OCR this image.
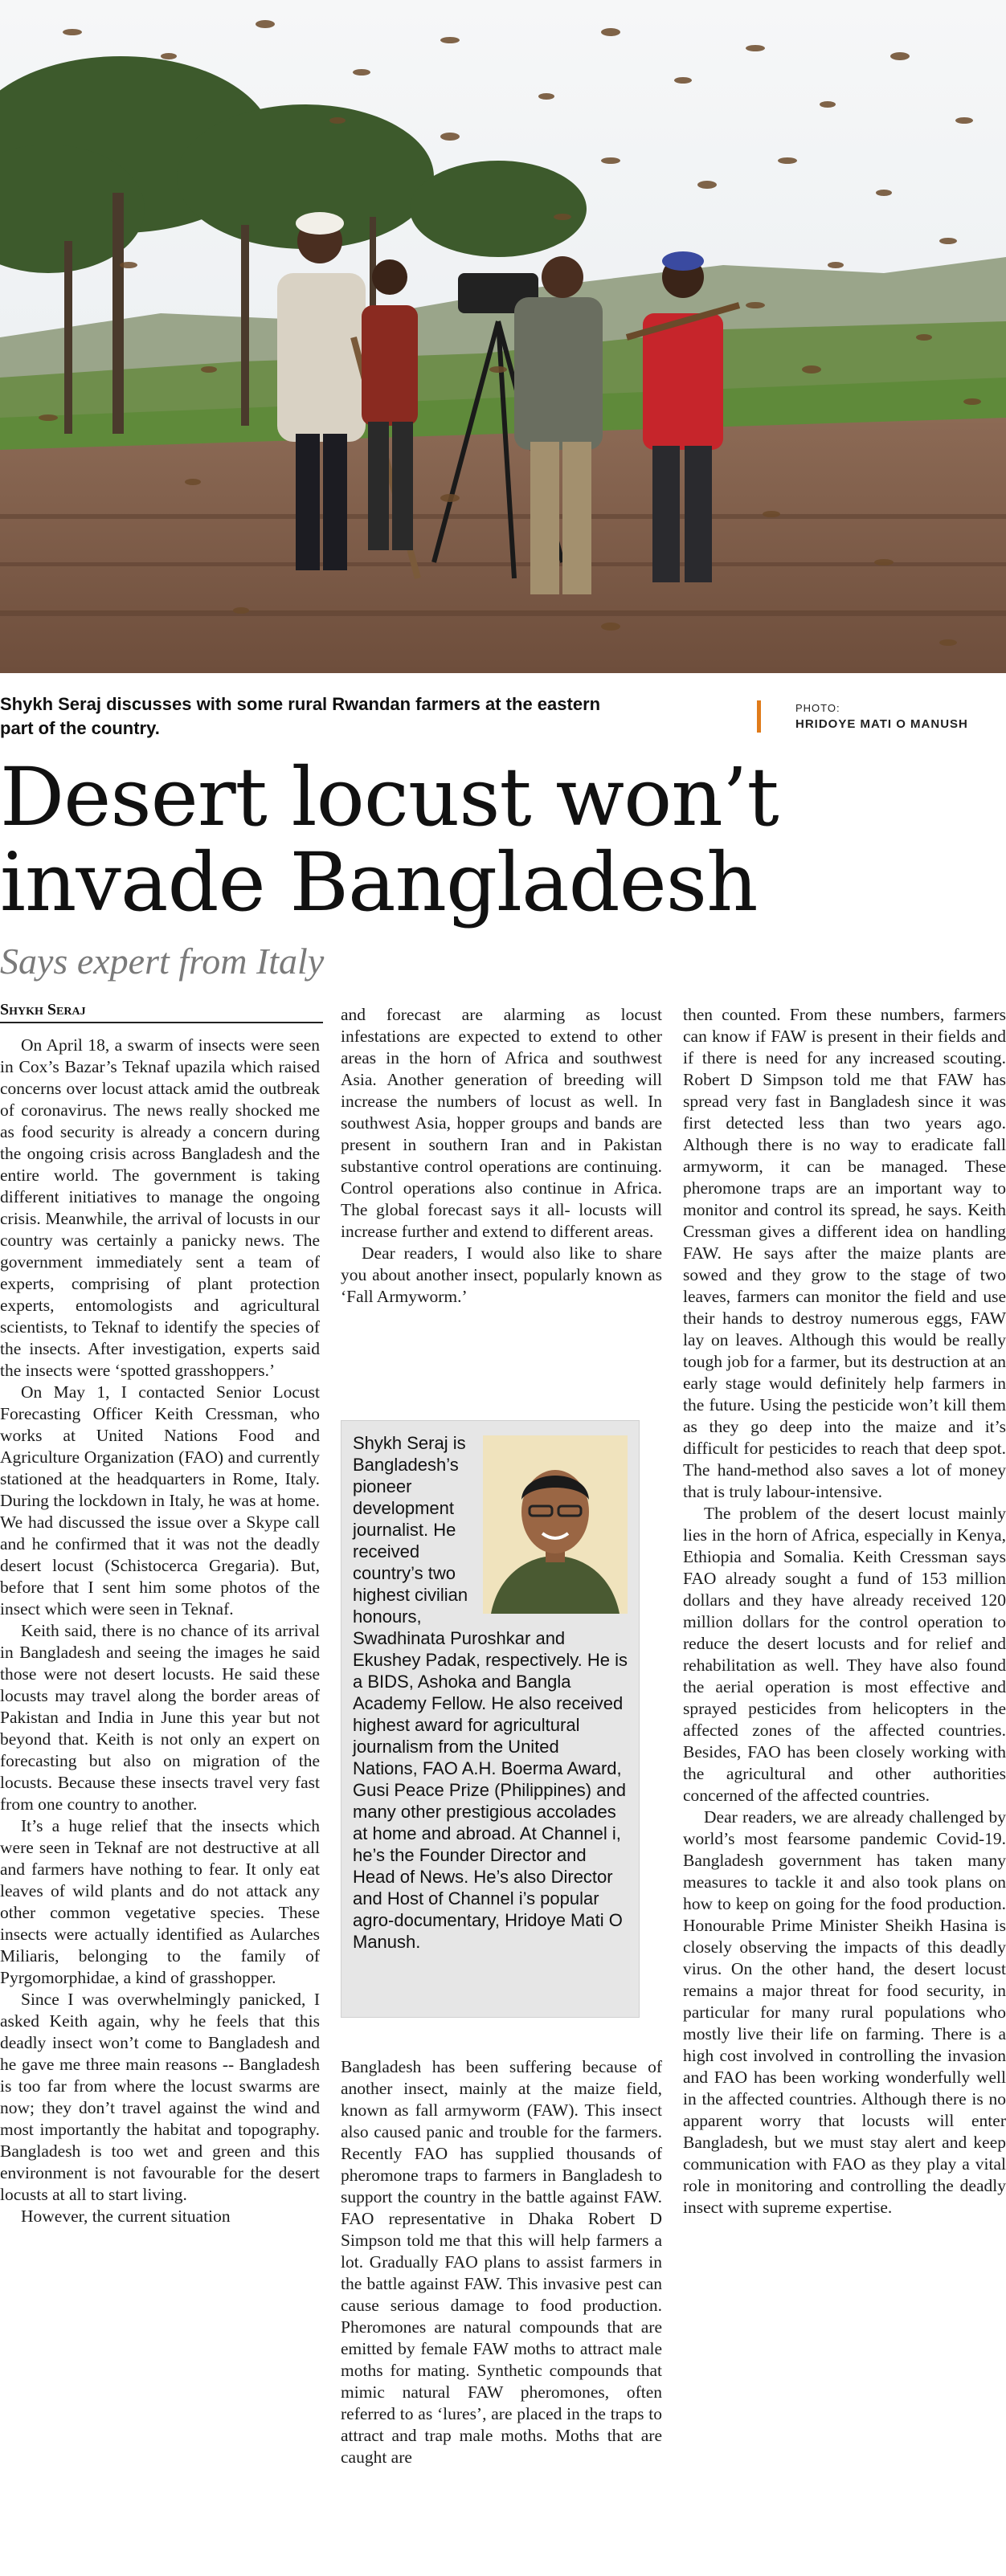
Shykh Seraj discusses with some rural Rwandan farmers at the eastern part of the country.
PHOTO:
HRIDOYE MATI O MANUSH
Desert locust won’t invade Bangladesh
Says expert from Italy
Shykh Seraj

On April 18, a swarm of insects were seen in Cox’s Bazar’s Teknaf upazila which raised concerns over locust attack amid the outbreak of coronavirus. The news really shocked me as food security is already a concern during the ongoing crisis across Bangladesh and the entire world. The government is taking different initiatives to manage the ongoing crisis. Meanwhile, the arrival of locusts in our country was certainly a panicky news. The government immediately sent a team of experts, comprising of plant protection experts, entomologists and agricultural scientists, to Teknaf to identify the species of the insects. After investigation, experts said the insects were ‘spotted grasshoppers.’

On May 1, I contacted Senior Locust Forecasting Officer Keith Cressman, who works at United Nations Food and Agriculture Organization (FAO) and currently stationed at the headquarters in Rome, Italy. During the lockdown in Italy, he was at home. We had discussed the issue over a Skype call and he confirmed that it was not the deadly desert locust (Schistocerca Gregaria). But, before that I sent him some photos of the insect which were seen in Teknaf.

Keith said, there is no chance of its arrival in Bangladesh and seeing the images he said those were not desert locusts. He said these locusts may travel along the border areas of Pakistan and India in June this year but not beyond that. Keith is not only an expert on forecasting but also on migration of the locusts. Because these insects travel very fast from one country to another.

It’s a huge relief that the insects which were seen in Teknaf are not destructive at all and farmers have nothing to fear. It only eat leaves of wild plants and do not attack any other common vegetative species. These insects were actually identified as Aularches Miliaris, belonging to the family of Pyrgomorphidae, a kind of grasshopper.

Since I was overwhelmingly panicked, I asked Keith again, why he feels that this deadly insect won’t come to Bangladesh and he gave me three main reasons -- Bangladesh is too far from where the locust swarms are now; they don’t travel against the wind and most importantly the habitat and topography. Bangladesh is too wet and green and this environment is not favourable for the desert locusts at all to start living.

However, the current situation

and forecast are alarming as locust infestations are expected to extend to other areas in the horn of Africa and southwest Asia. Another generation of breeding will increase the numbers of locust as well. In southwest Asia, hopper groups and bands are present in southern Iran and in Pakistan substantive control operations are continuing. Control operations also continue in Africa. The global forecast says it all- locusts will increase further and extend to different areas.

Dear readers, I would also like to share you about another insect, popularly known as ‘Fall Armyworm.’

Shykh Seraj is Bangladesh’s pioneer development journalist. He received country’s two highest civilian honours, Swadhinata Puroshkar and Ekushey Padak, respectively. He is a BIDS, Ashoka and Bangla Academy Fellow. He also received highest award for agricultural journalism from the United Nations, FAO A.H. Boerma Award, Gusi Peace Prize (Philippines) and many other prestigious accolades at home and abroad. At Channel i, he’s the Founder Director and Head of News. He’s also Director and Host of Channel i’s popular agro-documentary, Hridoye Mati O Manush.

Bangladesh has been suffering because of another insect, mainly at the maize field, known as fall armyworm (FAW). This insect also caused panic and trouble for the farmers. Recently FAO has supplied thousands of pheromone traps to farmers in Bangladesh to support the country in the battle against FAW. FAO representative in Dhaka Robert D Simpson told me that this will help farmers a lot. Gradually FAO plans to assist farmers in the battle against FAW. This invasive pest can cause serious damage to food production. Pheromones are natural compounds that are emitted by female FAW moths to attract male moths for mating. Synthetic compounds that mimic natural FAW pheromones, often referred to as ‘lures’, are placed in the traps to attract and trap male moths. Moths that are caught are

then counted. From these numbers, farmers can know if FAW is present in their fields and if there is need for any increased scouting. Robert D Simpson told me that FAW has spread very fast in Bangladesh since it was first detected less than two years ago. Although there is no way to eradicate fall armyworm, it can be managed. These pheromone traps are an important way to monitor and control its spread, he says. Keith Cressman gives a different idea on handling FAW. He says after the maize plants are sowed and they grow to the stage of two leaves, farmers can monitor the field and use their hands to destroy numerous eggs, FAW lay on leaves. Although this would be really tough job for a farmer, but its destruction at an early stage would definitely help farmers in the future. Using the pesticide won’t kill them as they go deep into the maize and it’s difficult for pesticides to reach that deep spot. The hand-method also saves a lot of money that is truly labour-intensive.

The problem of the desert locust mainly lies in the horn of Africa, especially in Kenya, Ethiopia and Somalia. Keith Cressman says FAO already sought a fund of 153 million dollars and they have already received 120 million dollars for the control operation to reduce the desert locusts and for relief and rehabilitation as well. They have also found the aerial operation is most effective and sprayed pesticides from helicopters in the affected zones of the affected countries. Besides, FAO has been closely working with the agricultural and other authorities concerned of the affected countries.

Dear readers, we are already challenged by world’s most fearsome pandemic Covid-19. Bangladesh government has taken many measures to tackle it and also took plans on how to keep on going for the food production. Honourable Prime Minister Sheikh Hasina is closely observing the impacts of this deadly virus. On the other hand, the desert locust remains a major threat for food security, in particular for many rural populations who mostly live their life on farming. There is a high cost involved in controlling the invasion and FAO has been working wonderfully well in the affected countries. Although there is no apparent worry that locusts will enter Bangladesh, but we must stay alert and keep communication with FAO as they play a vital role in monitoring and controlling the deadly insect with supreme expertise.
